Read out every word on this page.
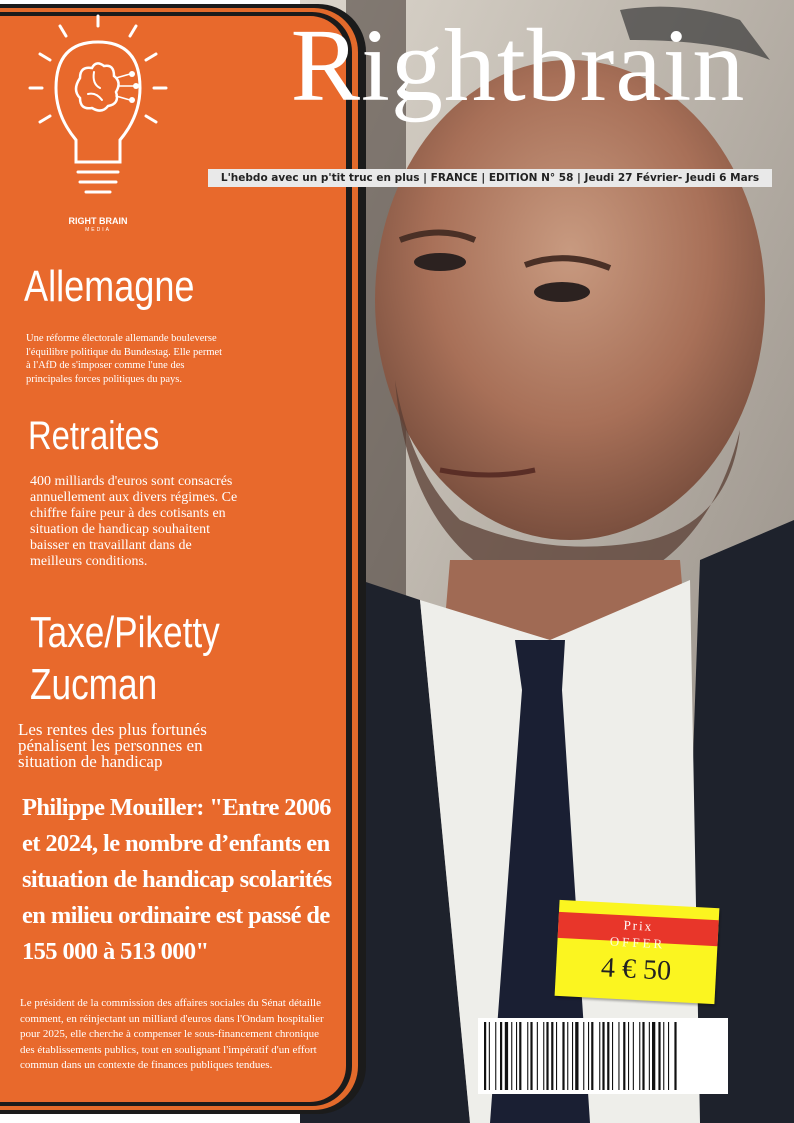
RIGHT BRAIN
MEDIA
Rightbrain
L'hebdo avec un p'tit truc en plus | FRANCE | EDITION N° 58 | Jeudi 27 Février- Jeudi 6 Mars
Allemagne
Une réforme électorale allemande bouleverse l'équilibre politique du Bundestag. Elle permet à l'AfD de s'imposer comme l'une des principales forces politiques du pays.
Retraites
400 milliards d'euros sont consacrés annuellement aux divers régimes. Ce chiffre faire peur à des cotisants en situation de handicap souhaitent baisser en travaillant dans de meilleurs conditions.
Taxe/Piketty
Zucman
Les rentes des plus fortunés pénalisent les personnes en situation de handicap
Philippe Mouiller: "Entre 2006 et 2024, le nombre d’enfants en situation de handicap scolarités en milieu ordinaire est passé de 155 000 à 513 000"
Le président de la commission des affaires sociales du Sénat détaille comment, en réinjectant un milliard d'euros dans l'Ondam hospitalier pour 2025, elle cherche à compenser le sous-financement chronique des établissements publics, tout en soulignant l'impératif d'un effort commun dans un contexte de finances publiques tendues.
Prix
OFFER
4 € 50
